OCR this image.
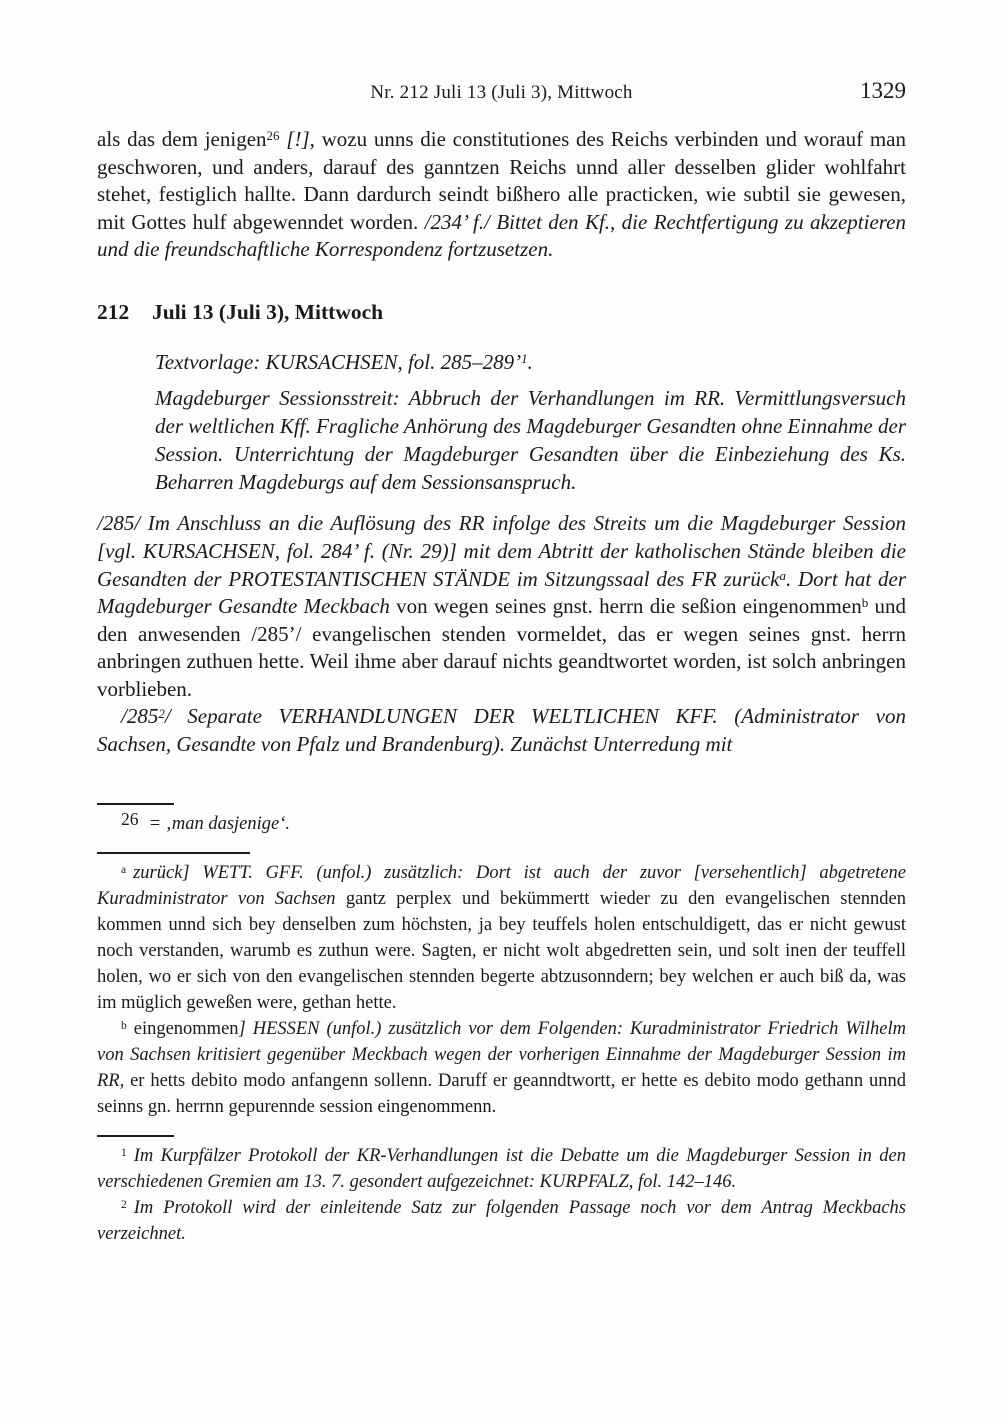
Nr. 212 Juli 13 (Juli 3), Mittwoch	1329

als das dem jenigen$^{26}$ [!], wozu unns die constitutiones des Reichs verbinden und worauf man geschworen, und anders, darauf des ganntzen Reichs unnd aller desselben glider wohlfahrt stehet, festiglich hallte. Dann dardurch seindt bißhero alle practicken, wie subtil sie gewesen, mit Gottes hulf abgewenndet worden. /234’ f./ Bittet den Kf., die Rechtfertigung zu akzeptieren und die freundschaftliche Korrespondenz fortzusetzen.

212	Juli 13 (Juli 3), Mittwoch

Textvorlage: KURSACHSEN, fol. 285–289’$^1$.

Magdeburger Sessionsstreit: Abbruch der Verhandlungen im RR. Vermittlungsversuch der weltlichen Kff. Fragliche Anhörung des Magdeburger Gesandten ohne Einnahme der Session. Unterrichtung der Magdeburger Gesandten über die Einbeziehung des Ks. Beharren Magdeburgs auf dem Sessionsanspruch.

/285/ Im Anschluss an die Auflösung des RR infolge des Streits um die Magdeburger Session [vgl. KURSACHSEN, fol. 284’ f. (Nr. 29)] mit dem Abtritt der katholischen Stände bleiben die Gesandten der PROTESTANTISCHEN STÄNDE im Sitzungssaal des FR zurück$^a$. Dort hat der Magdeburger Gesandte Meckbach von wegen seines gnst. herrn die seßion eingenommen$^b$ und den anwesenden /285’/ evangelischen stenden vormeldet, das er wegen seines gnst. herrn anbringen zuthuen hette. Weil ihme aber darauf nichts geandtwortet worden, ist solch anbringen vorblieben.

$/285^2/$ Separate VERHANDLUNGEN DER WELTLICHEN KFF. (Administrator von Sachsen, Gesandte von Pfalz und Brandenburg). Zunächst Unterredung mit

$^{26}$ = ‚man dasjenige‘.

$^a$ zurück] WETT. GFF. (unfol.) zusätzlich: Dort ist auch der zuvor [versehentlich] abgetretene Kuradministrator von Sachsen gantz perplex und bekümmertt wieder zu den evangelischen stennden kommen unnd sich bey denselben zum höchsten, ja bey teuffels holen entschuldigett, das er nicht gewust noch verstanden, warumb es zuthun were. Sagten, er nicht wolt abgedretten sein, und solt inen der teuffell holen, wo er sich von den evangelischen stennden begerte abtzusonndern; bey welchen er auch biß da, was im müglich geweßen were, gethan hette.

$^b$ eingenommen] HESSEN (unfol.) zusätzlich vor dem Folgenden: Kuradministrator Friedrich Wilhelm von Sachsen kritisiert gegenüber Meckbach wegen der vorherigen Einnahme der Magdeburger Session im RR, er hetts debito modo anfangenn sollenn. Daruff er geanndtwortt, er hette es debito modo gethann unnd seinns gn. herrnn gepurennde session eingenommenn.

$^1$ Im Kurpfälzer Protokoll der KR-Verhandlungen ist die Debatte um die Magdeburger Session in den verschiedenen Gremien am 13. 7. gesondert aufgezeichnet: KURPFALZ, fol. 142–146.

$^2$ Im Protokoll wird der einleitende Satz zur folgenden Passage noch vor dem Antrag Meckbachs verzeichnet.
